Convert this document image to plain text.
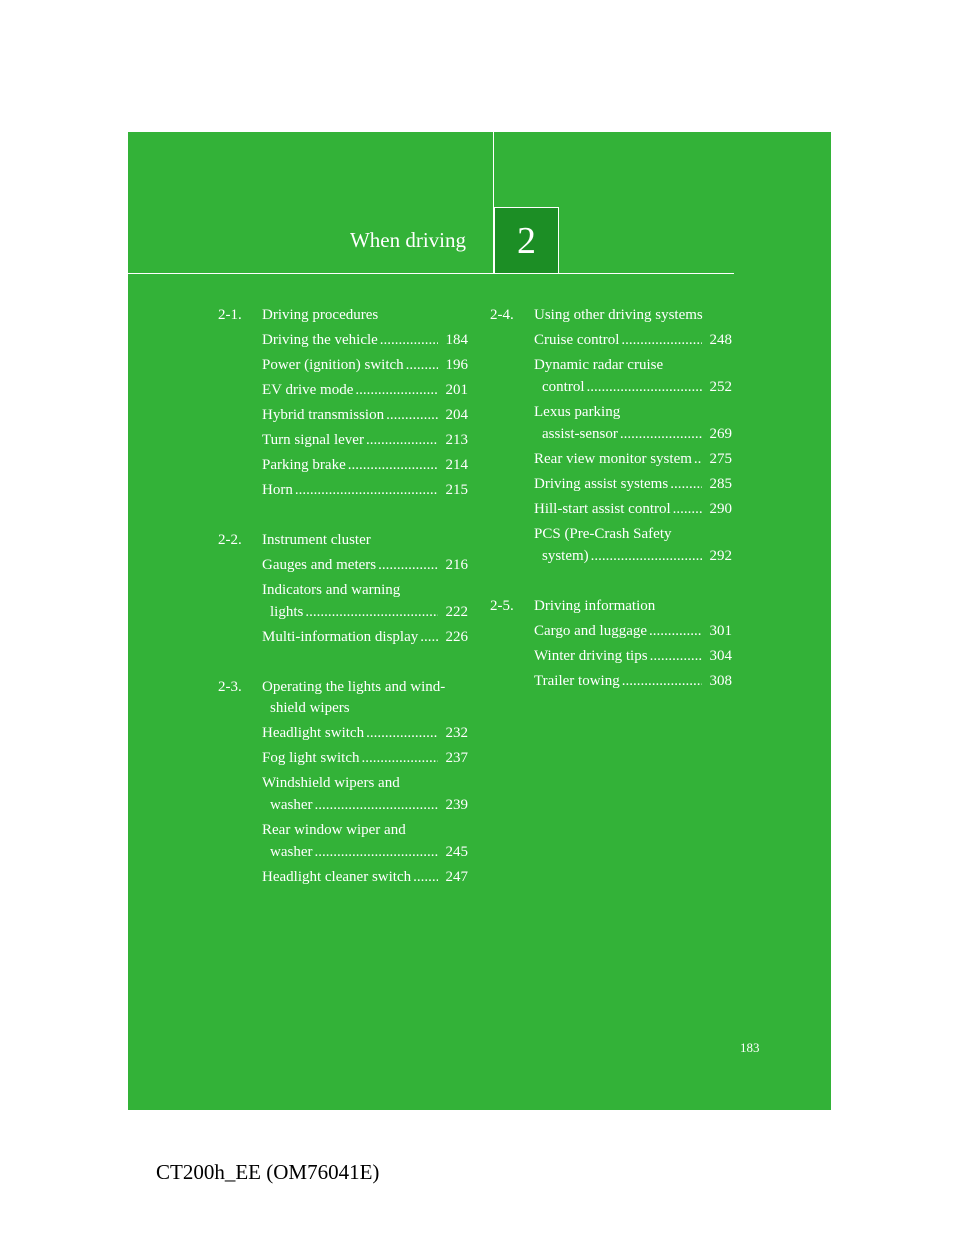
When driving	2
2-1.	Driving procedures
Driving the vehicle .....	184
Power (ignition) switch .....	196
EV drive mode .....	201
Hybrid transmission .....	204
Turn signal lever .....	213
Parking brake .....	214
Horn .....	215
2-2.	Instrument cluster
Gauges and meters .....	216
Indicators and warning
lights .....	222
Multi-information display .....	226
2-3.	Operating the lights and wind-
shield wipers
Headlight switch .....	232
Fog light switch .....	237
Windshield wipers and
washer .....	239
Rear window wiper and
washer .....	245
Headlight cleaner switch .....	247
2-4.	Using other driving systems
Cruise control .....	248
Dynamic radar cruise
control .....	252
Lexus parking
assist-sensor .....	269
Rear view monitor system .....	275
Driving assist systems .....	285
Hill-start assist control .....	290
PCS (Pre-Crash Safety
system) .....	292
2-5.	Driving information
Cargo and luggage .....	301
Winter driving tips .....	304
Trailer towing .....	308
183
CT200h_EE (OM76041E)
